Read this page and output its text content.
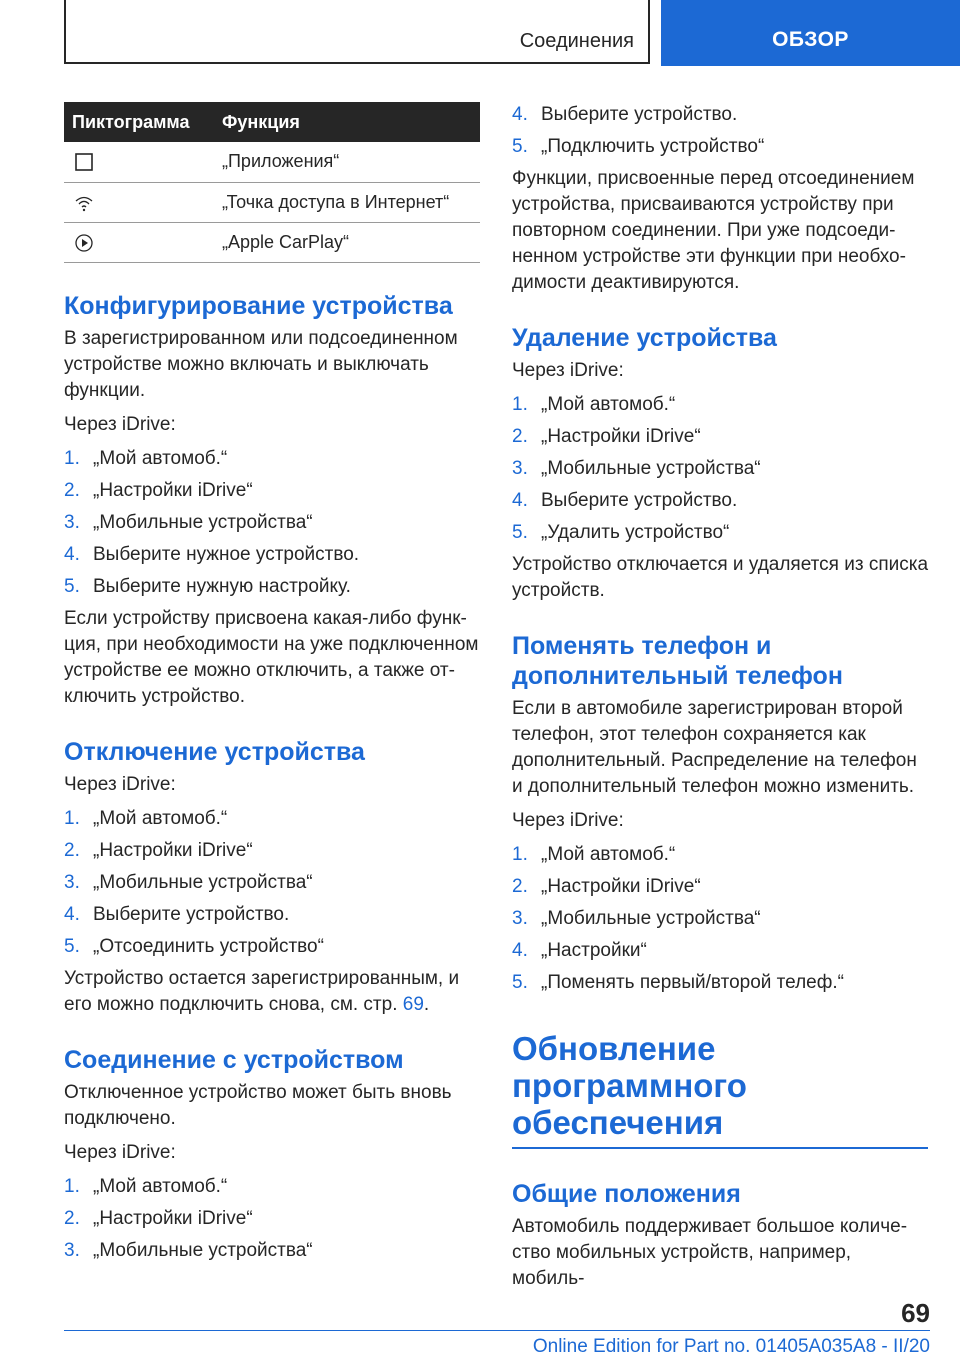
Соединения	ОБЗОР
Пиктограмма	Функция
	„Приложения“
	„Точка доступа в Интернет“
	„Apple CarPlay“
Конфигурирование устройства

В зарегистрированном или подсоединенном устройстве можно включать и выключать функции.

Через iDrive:

1. „Мой автомоб.“
2. „Настройки iDrive“
3. „Мобильные устройства“
4. Выберите нужное устройство.
5. Выберите нужную настройку.

Если устройству присвоена какая-либо функция, при необходимости на уже подключенном устройстве ее можно отключить, а также отключить устройство.

Отключение устройства

Через iDrive:

1. „Мой автомоб.“
2. „Настройки iDrive“
3. „Мобильные устройства“
4. Выберите устройство.
5. „Отсоединить устройство“

Устройство остается зарегистрированным, и его можно подключить снова, см. стр. 69.

Соединение с устройством

Отключенное устройство может быть вновь подключено.

Через iDrive:

1. „Мой автомоб.“
2. „Настройки iDrive“
3. „Мобильные устройства“
4. Выберите устройство.
5. „Подключить устройство“

Функции, присвоенные перед отсоединением устройства, присваиваются устройству при повторном соединении. При уже подсоединенном устройстве эти функции при необходимости деактивируются.

Удаление устройства

Через iDrive:

1. „Мой автомоб.“
2. „Настройки iDrive“
3. „Мобильные устройства“
4. Выберите устройство.
5. „Удалить устройство“

Устройство отключается и удаляется из списка устройств.

Поменять телефон и дополнительный телефон

Если в автомобиле зарегистрирован второй телефон, этот телефон сохраняется как дополнительный. Распределение на телефон и дополнительный телефон можно изменить.

Через iDrive:

1. „Мой автомоб.“
2. „Настройки iDrive“
3. „Мобильные устройства“
4. „Настройки“
5. „Поменять первый/второй телеф.“
Обновление программного обеспечения
Общие положения

Автомобиль поддерживает большое количество мобильных устройств, например, мобиль-

69
Online Edition for Part no. 01405A035A8 - II/20
